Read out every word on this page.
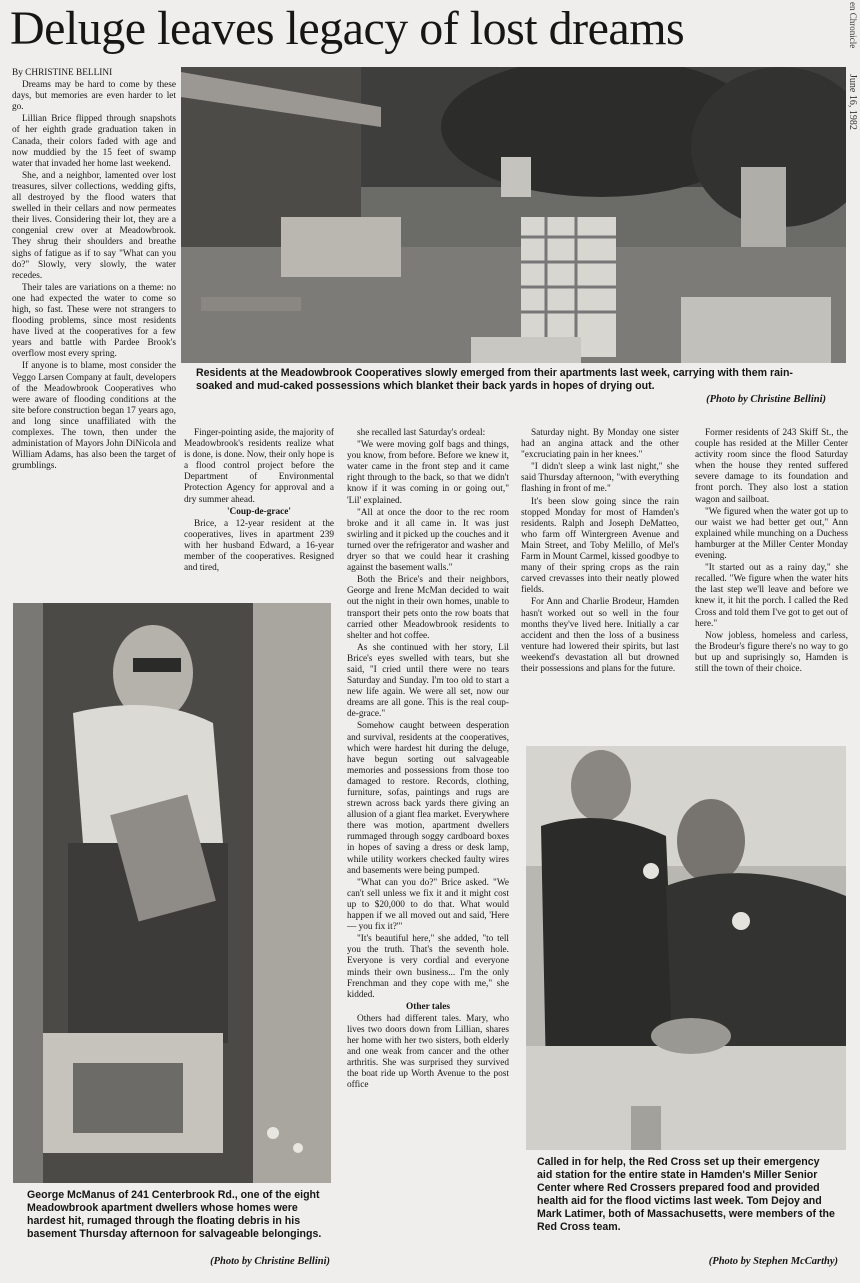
Deluge leaves legacy of lost dreams	en Chronicle
June 16, 1982

By CHRISTINE BELLINI

Dreams may be hard to come by these days, but memories are even harder to let go.

Lillian Brice flipped through snapshots of her eighth grade graduation taken in Canada, their colors faded with age and now muddied by the 15 feet of swamp water that invaded her home last weekend.

She, and a neighbor, lamented over lost treasures, silver collections, wedding gifts, all destroyed by the flood waters that swelled in their cellars and now permeates their lives. Considering their lot, they are a congenial crew over at Meadowbrook. They shrug their shoulders and breathe sighs of fatigue as if to say "What can you do?" Slowly, very slowly, the water recedes.

Their tales are variations on a theme: no one had expected the water to come so high, so fast. These were not strangers to flooding problems, since most residents have lived at the cooperatives for a few years and battle with Pardee Brook's overflow most every spring.

If anyone is to blame, most consider the Veggo Larsen Company at fault, developers of the Meadowbrook Cooperatives who were aware of flooding conditions at the site before construction began 17 years ago, and long since unaffiliated with the complexes. The town, then under the administation of Mayors John DiNicola and William Adams, has also been the target of grumblings.

Residents at the Meadowbrook Cooperatives slowly emerged from their apartments last week, carrying with them rain-soaked and mud-caked possessions which blanket their back yards in hopes of drying out.
(Photo by Christine Bellini)

Finger-pointing aside, the majority of Meadowbrook's residents realize what is done, is done. Now, their only hope is a flood control project before the Department of Environmental Protection Agency for approval and a dry summer ahead.

'Coup-de-grace'

Brice, a 12-year resident at the cooperatives, lives in apartment 239 with her husband Edward, a 16-year member of the cooperatives. Resigned and tired,

George McManus of 241 Centerbrook Rd., one of the eight Meadowbrook apartment dwellers whose homes were hardest hit, rumaged through the floating debris in his basement Thursday afternoon for salvageable belongings.
(Photo by Christine Bellini)

she recalled last Saturday's ordeal:

"We were moving golf bags and things, you know, from before. Before we knew it, water came in the front step and it came right through to the back, so that we didn't know if it was coming in or going out," 'Lil' explained.

"All at once the door to the rec room broke and it all came in. It was just swirling and it picked up the couches and it turned over the refrigerator and washer and dryer so that we could hear it crashing against the basement walls."

Both the Brice's and their neighbors, George and Irene McMan decided to wait out the night in their own homes, unable to transport their pets onto the row boats that carried other Meadowbrook residents to shelter and hot coffee.

As she continued with her story, Lil Brice's eyes swelled with tears, but she said, "I cried until there were no tears Saturday and Sunday. I'm too old to start a new life again. We were all set, now our dreams are all gone. This is the real coup-de-grace."

Somehow caught between desperation and survival, residents at the cooperatives, which were hardest hit during the deluge, have begun sorting out salvageable memories and possessions from those too damaged to restore. Records, clothing, furniture, sofas, paintings and rugs are strewn across back yards there giving an allusion of a giant flea market. Everywhere there was motion, apartment dwellers rummaged through soggy cardboard boxes in hopes of saving a dress or desk lamp, while utility workers checked faulty wires and basements were being pumped.

"What can you do?" Brice asked. "We can't sell unless we fix it and it might cost up to $20,000 to do that. What would happen if we all moved out and said, 'Here — you fix it?'"

"It's beautiful here," she added, "to tell you the truth. That's the seventh hole. Everyone is very cordial and everyone minds their own business... I'm the only Frenchman and they cope with me," she kidded.

Other tales

Others had different tales. Mary, who lives two doors down from Lillian, shares her home with her two sisters, both elderly and one weak from cancer and the other arthritis. She was surprised they survived the boat ride up Worth Avenue to the post office

Saturday night. By Monday one sister had an angina attack and the other "excruciating pain in her knees."

"I didn't sleep a wink last night," she said Thursday afternoon, "with everything flashing in front of me."

It's been slow going since the rain stopped Monday for most of Hamden's residents. Ralph and Joseph DeMatteo, who farm off Wintergreen Avenue and Main Street, and Toby Melillo, of Mel's Farm in Mount Carmel, kissed goodbye to many of their spring crops as the rain carved crevasses into their neatly plowed fields.

For Ann and Charlie Brodeur, Hamden hasn't worked out so well in the four months they've lived here. Initially a car accident and then the loss of a business venture had lowered their spirits, but last weekend's devastation all but drowned their possessions and plans for the future.

Former residents of 243 Skiff St., the couple has resided at the Miller Center activity room since the flood Saturday when the house they rented suffered severe damage to its foundation and front porch. They also lost a station wagon and sailboat.

"We figured when the water got up to our waist we had better get out," Ann explained while munching on a Duchess hamburger at the Miller Center Monday evening.

"It started out as a rainy day," she recalled. "We figure when the water hits the last step we'll leave and before we knew it, it hit the porch. I called the Red Cross and told them I've got to get out of here."

Now jobless, homeless and carless, the Brodeur's figure there's no way to go but up and suprisingly so, Hamden is still the town of their choice.

Called in for help, the Red Cross set up their emergency aid station for the entire state in Hamden's Miller Senior Center where Red Crossers prepared food and provided health aid for the flood victims last week. Tom Dejoy and Mark Latimer, both of Massachusetts, were members of the Red Cross team.
(Photo by Stephen McCarthy)
